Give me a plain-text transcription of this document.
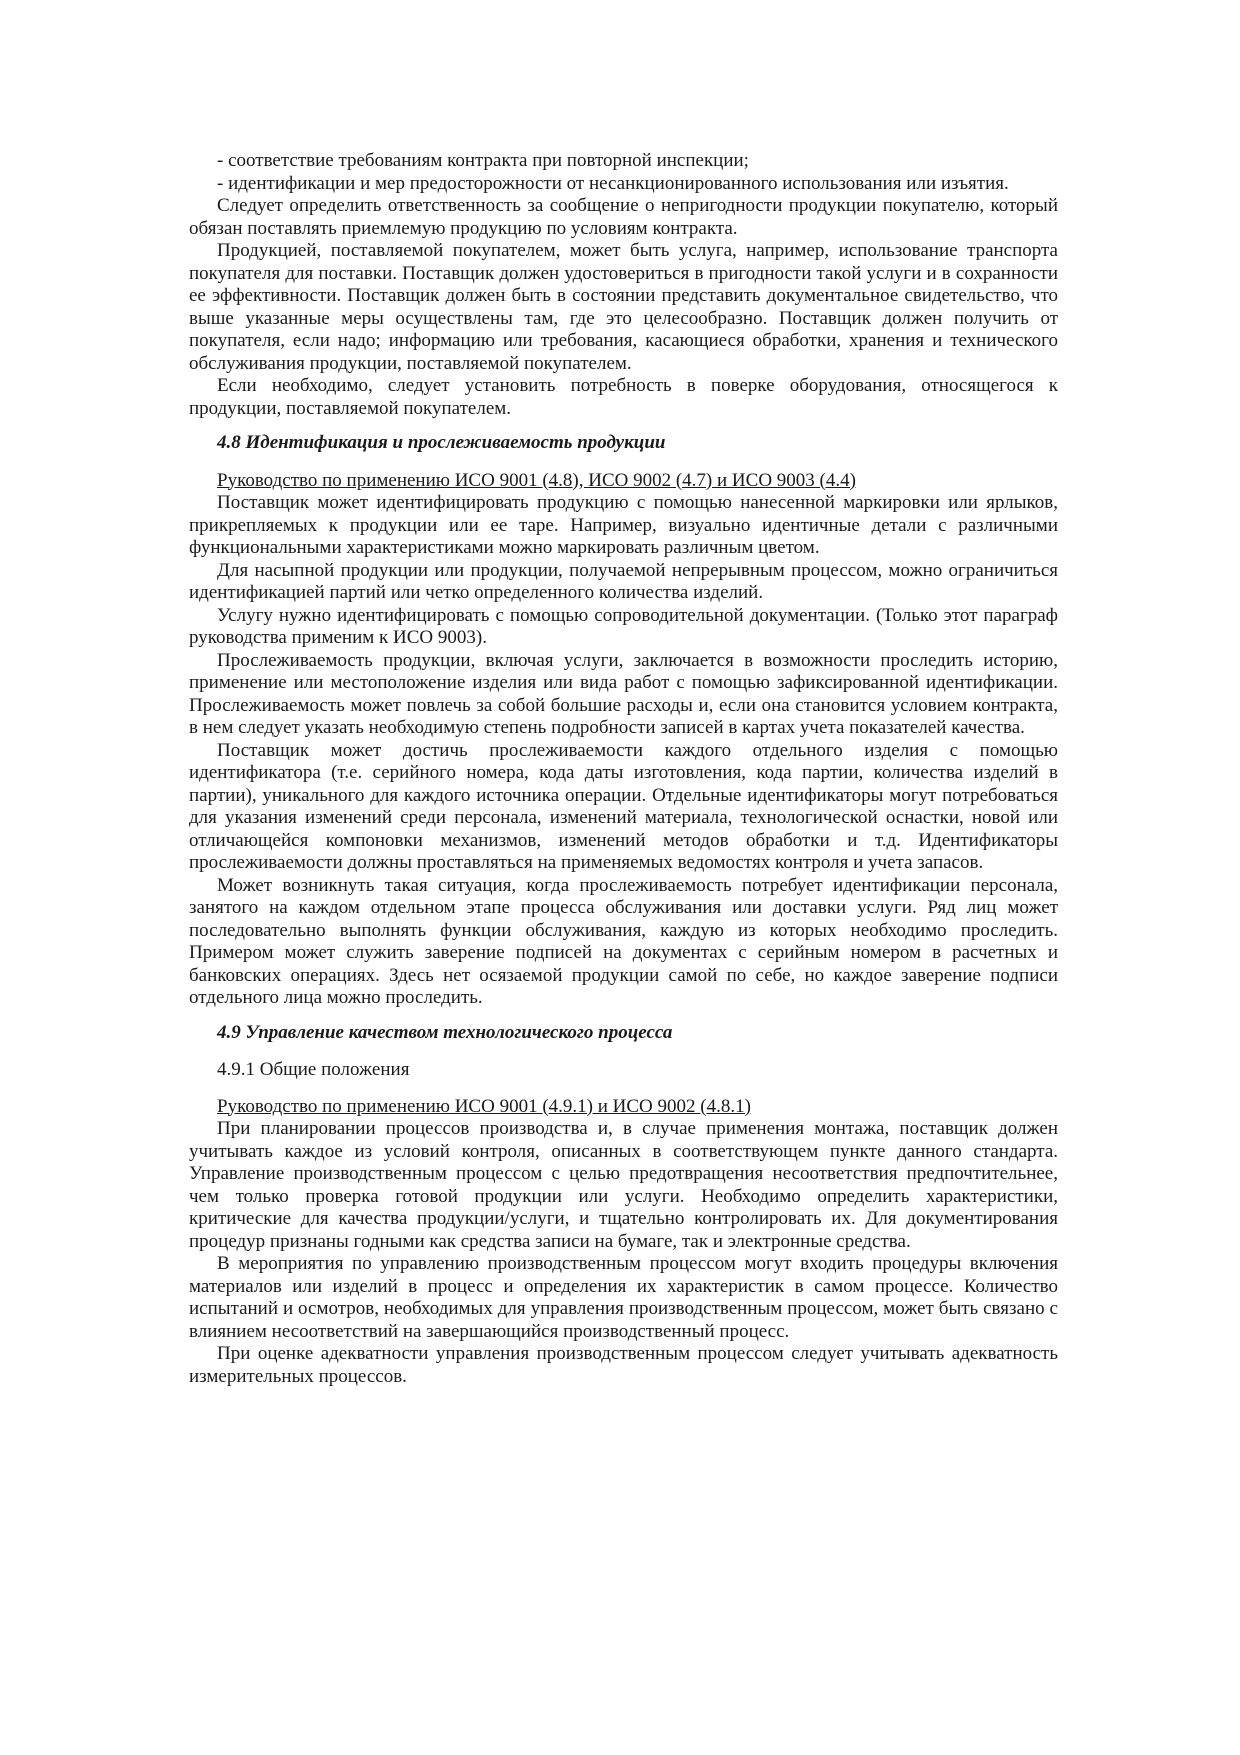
- соответствие требованиям контракта при повторной инспекции;
- идентификации и мер предосторожности от несанкционированного использования или изъятия.
Следует определить ответственность за сообщение о непригодности продукции покупателю, который обязан поставлять приемлемую продукцию по условиям контракта.
Продукцией, поставляемой покупателем, может быть услуга, например, использование транспорта покупателя для поставки. Поставщик должен удостовериться в пригодности такой услуги и в сохранности ее эффективности. Поставщик должен быть в состоянии представить документальное свидетельство, что выше указанные меры осуществлены там, где это целесообразно. Поставщик должен получить от покупателя, если надо; информацию или требования, касающиеся обработки, хранения и технического обслуживания продукции, поставляемой покупателем.
Если необходимо, следует установить потребность в поверке оборудования, относящегося к продукции, поставляемой покупателем.
4.8 Идентификация и прослеживаемость продукции
Руководство по применению ИСО 9001 (4.8), ИСО 9002 (4.7) и ИСО 9003 (4.4)
Поставщик может идентифицировать продукцию с помощью нанесенной маркировки или ярлыков, прикрепляемых к продукции или ее таре. Например, визуально идентичные детали с различными функциональными характеристиками можно маркировать различным цветом.
Для насыпной продукции или продукции, получаемой непрерывным процессом, можно ограничиться идентификацией партий или четко определенного количества изделий.
Услугу нужно идентифицировать с помощью сопроводительной документации. (Только этот параграф руководства применим к ИСО 9003).
Прослеживаемость продукции, включая услуги, заключается в возможности проследить историю, применение или местоположение изделия или вида работ с помощью зафиксированной идентификации. Прослеживаемость может повлечь за собой большие расходы и, если она становится условием контракта, в нем следует указать необходимую степень подробности записей в картах учета показателей качества.
Поставщик может достичь прослеживаемости каждого отдельного изделия с помощью идентификатора (т.е. серийного номера, кода даты изготовления, кода партии, количества изделий в партии), уникального для каждого источника операции. Отдельные идентификаторы могут потребоваться для указания изменений среди персонала, изменений материала, технологической оснастки, новой или отличающейся компоновки механизмов, изменений методов обработки и т.д. Идентификаторы прослеживаемости должны проставляться на применяемых ведомостях контроля и учета запасов.
Может возникнуть такая ситуация, когда прослеживаемость потребует идентификации персонала, занятого на каждом отдельном этапе процесса обслуживания или доставки услуги. Ряд лиц может последовательно выполнять функции обслуживания, каждую из которых необходимо проследить. Примером может служить заверение подписей на документах с серийным номером в расчетных и банковских операциях. Здесь нет осязаемой продукции самой по себе, но каждое заверение подписи отдельного лица можно проследить.
4.9 Управление качеством технологического процесса
4.9.1 Общие положения
Руководство по применению ИСО 9001 (4.9.1) и ИСО 9002 (4.8.1)
При планировании процессов производства и, в случае применения монтажа, поставщик должен учитывать каждое из условий контроля, описанных в соответствующем пункте данного стандарта. Управление производственным процессом с целью предотвращения несоответствия предпочтительнее, чем только проверка готовой продукции или услуги. Необходимо определить характеристики, критические для качества продукции/услуги, и тщательно контролировать их. Для документирования процедур признаны годными как средства записи на бумаге, так и электронные средства.
В мероприятия по управлению производственным процессом могут входить процедуры включения материалов или изделий в процесс и определения их характеристик в самом процессе. Количество испытаний и осмотров, необходимых для управления производственным процессом, может быть связано с влиянием несоответствий на завершающийся производственный процесс.
При оценке адекватности управления производственным процессом следует учитывать адекватность измерительных процессов.
